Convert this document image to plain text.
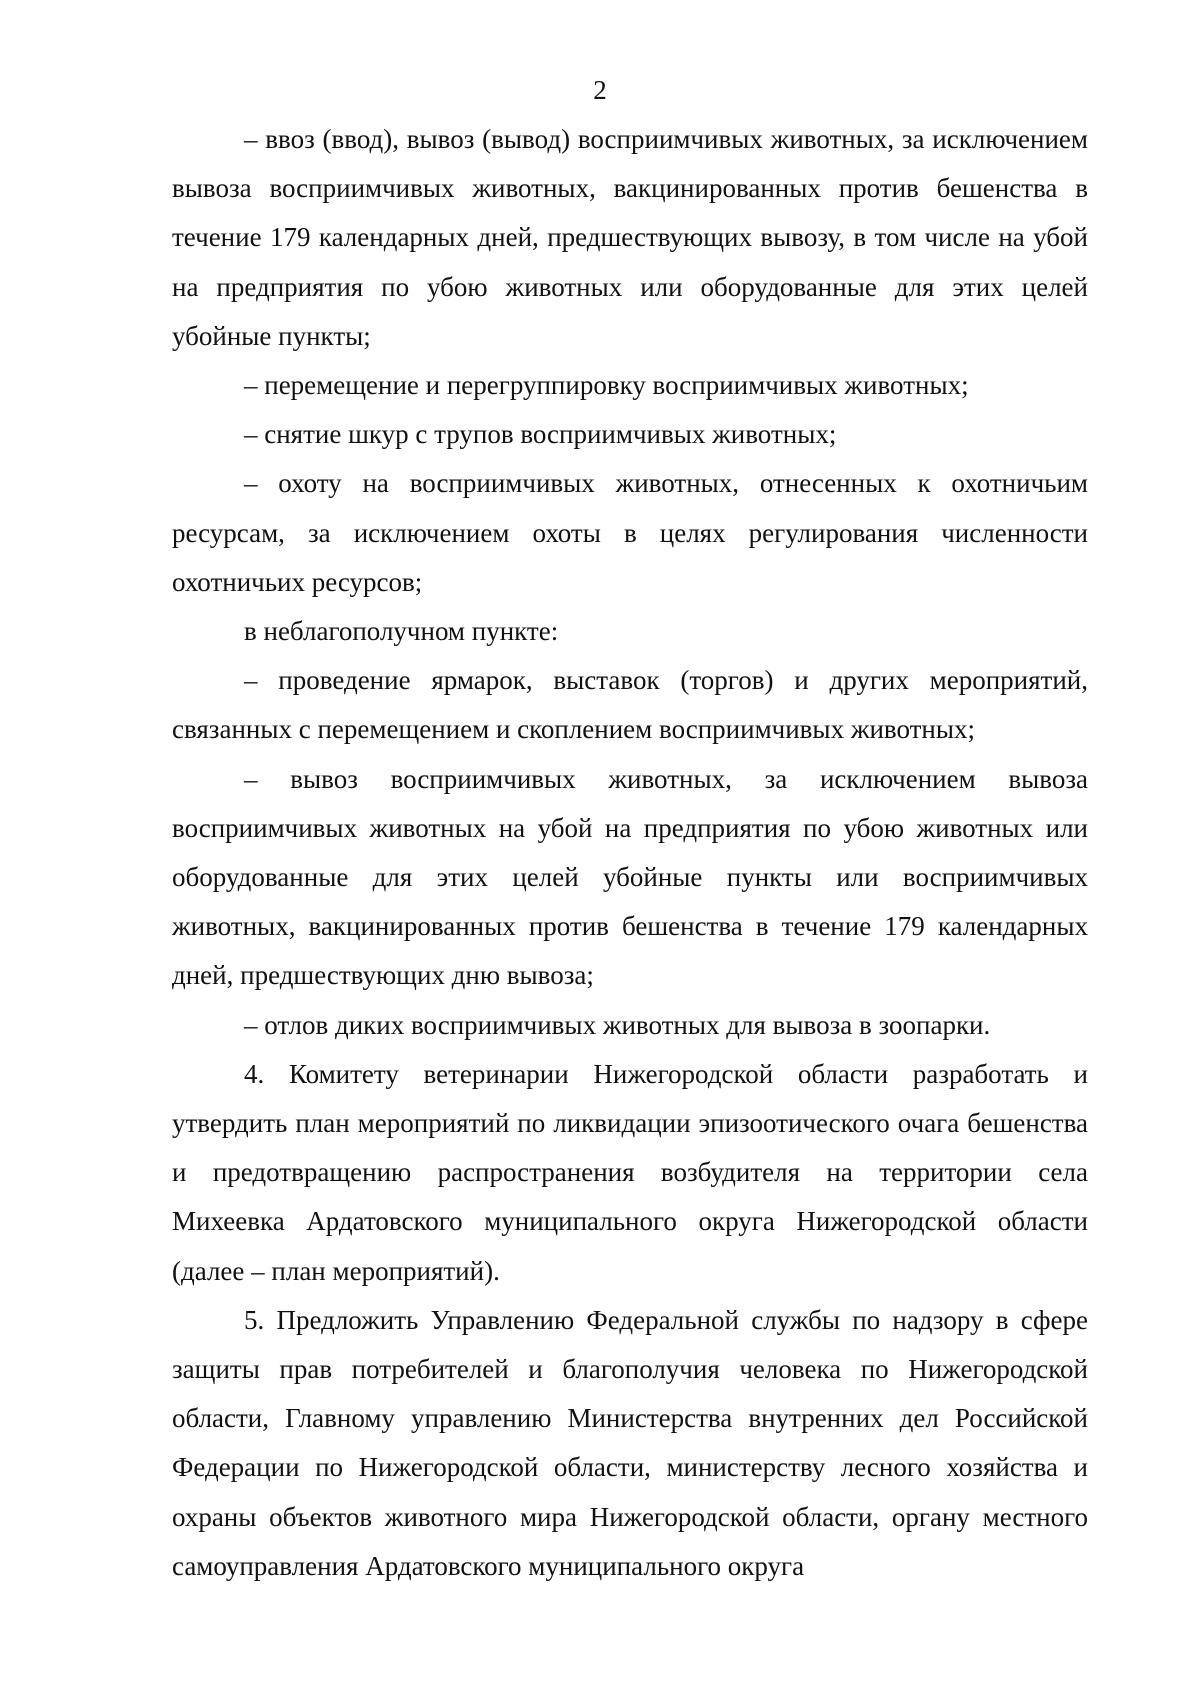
2

– ввоз (ввод), вывоз (вывод) восприимчивых животных, за исключением вывоза восприимчивых животных, вакцинированных против бешенства в течение 179 календарных дней, предшествующих вывозу, в том числе на убой на предприятия по убою животных или оборудованные для этих целей убойные пункты;

– перемещение и перегруппировку восприимчивых животных;

– снятие шкур с трупов восприимчивых животных;

– охоту на восприимчивых животных, отнесенных к охотничьим ресурсам, за исключением охоты в целях регулирования численности охотничьих ресурсов;

в неблагополучном пункте:

– проведение ярмарок, выставок (торгов) и других мероприятий, связанных с перемещением и скоплением восприимчивых животных;

– вывоз восприимчивых животных, за исключением вывоза восприимчивых животных на убой на предприятия по убою животных или оборудованные для этих целей убойные пункты или восприимчивых животных, вакцинированных против бешенства в течение 179 календарных дней, предшествующих дню вывоза;

– отлов диких восприимчивых животных для вывоза в зоопарки.

4. Комитету ветеринарии Нижегородской области разработать и утвердить план мероприятий по ликвидации эпизоотического очага бешенства и предотвращению распространения возбудителя на территории села Михеевка Ардатовского муниципального округа Нижегородской области (далее – план мероприятий).

5. Предложить Управлению Федеральной службы по надзору в сфере защиты прав потребителей и благополучия человека по Нижегородской области, Главному управлению Министерства внутренних дел Российской Федерации по Нижегородской области, министерству лесного хозяйства и охраны объектов животного мира Нижегородской области, органу местного самоуправления Ардатовского муниципального округа
